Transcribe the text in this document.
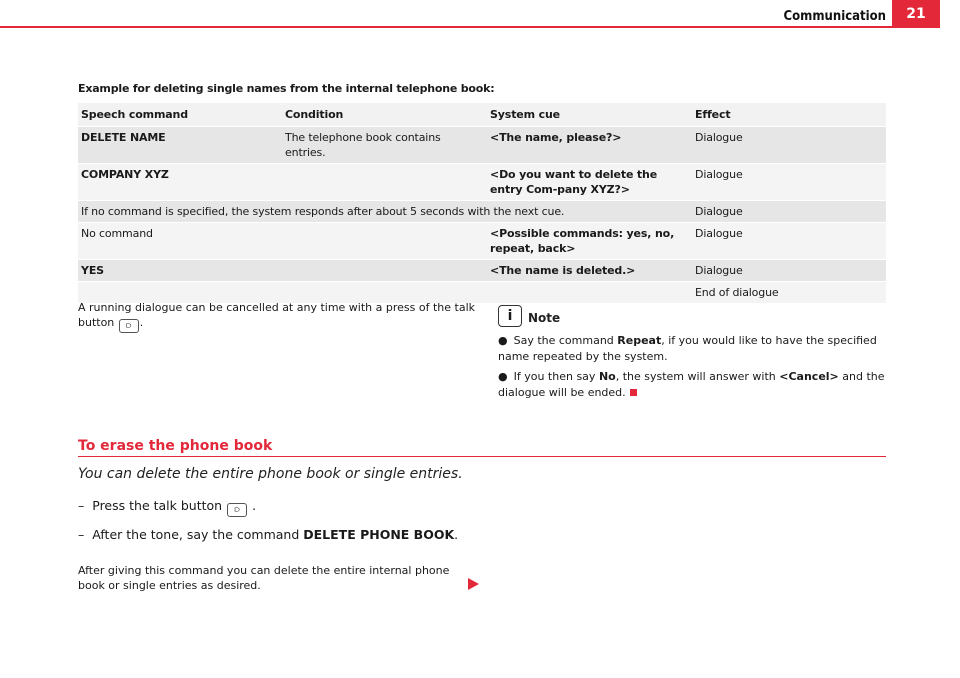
Communication	21
Example for deleting single names from the internal telephone book:
Speech command	Condition	System cue	Effect
DELETE NAME	The telephone book contains entries.	<The name, please?>	Dialogue
COMPANY XYZ		<Do you want to delete the entry Com-pany XYZ?>	Dialogue
If no command is specified, the system responds after about 5 seconds with the next cue.			Dialogue
No command		<Possible commands: yes, no, repeat, back>	Dialogue
YES		<The name is deleted.>	Dialogue
			End of dialogue
A running dialogue can be cancelled at any time with a press of the talk button ⫐ .	i	Note
● Say the command Repeat, if you would like to have the specified name repeated by the system.
● If you then say No, the system will answer with <Cancel> and the dialogue will be ended.
To erase the phone book
You can delete the entire phone book or single entries.
– Press the talk button ⫐ .
– After the tone, say the command DELETE PHONE BOOK.
After giving this command you can delete the entire internal phone book or single entries as desired.
